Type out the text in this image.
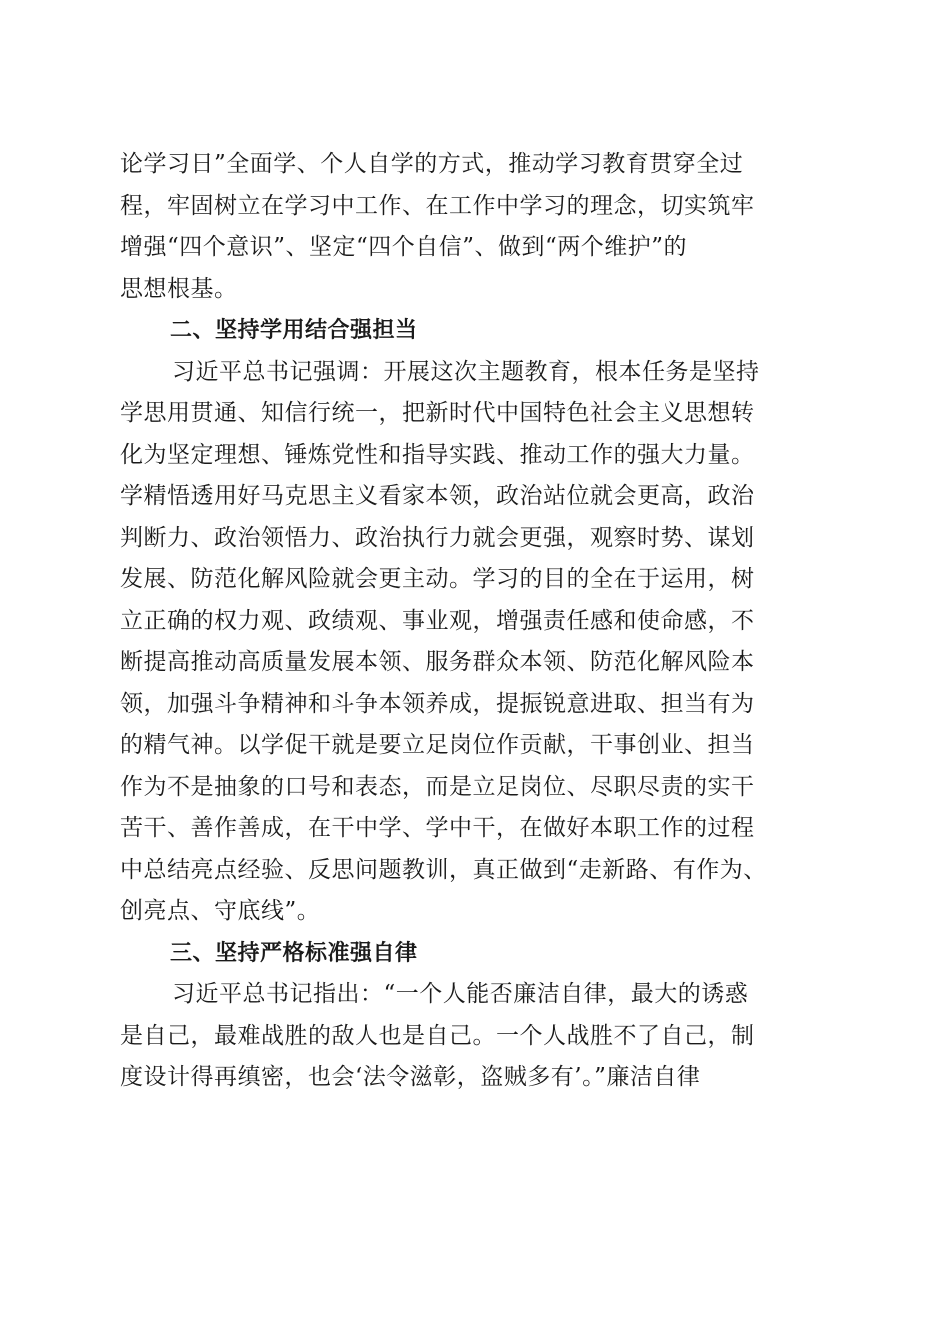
论学习日”全面学、个人自学的方式，推动学习教育贯穿全过
程，牢固树立在学习中工作、在工作中学习的理念，切实筑牢
增强“四个意识”、坚定“四个自信”、做到“两个维护”的
思想根基。
二、坚持学用结合强担当
习近平总书记强调：开展这次主题教育，根本任务是坚持
学思用贯通、知信行统一，把新时代中国特色社会主义思想转
化为坚定理想、锤炼党性和指导实践、推动工作的强大力量。
学精悟透用好马克思主义看家本领，政治站位就会更高，政治
判断力、政治领悟力、政治执行力就会更强，观察时势、谋划
发展、防范化解风险就会更主动。学习的目的全在于运用，树
立正确的权力观、政绩观、事业观，增强责任感和使命感，不
断提高推动高质量发展本领、服务群众本领、防范化解风险本
领，加强斗争精神和斗争本领养成，提振锐意进取、担当有为
的精气神。以学促干就是要立足岗位作贡献，干事创业、担当
作为不是抽象的口号和表态，而是立足岗位、尽职尽责的实干
苦干、善作善成，在干中学、学中干，在做好本职工作的过程
中总结亮点经验、反思问题教训，真正做到“走新路、有作为、
创亮点、守底线”。
三、坚持严格标准强自律
习近平总书记指出：“一个人能否廉洁自律，最大的诱惑
是自己，最难战胜的敌人也是自己。一个人战胜不了自己，制
度设计得再缜密，也会‘法令滋彰，盗贼多有’。”廉洁自律
